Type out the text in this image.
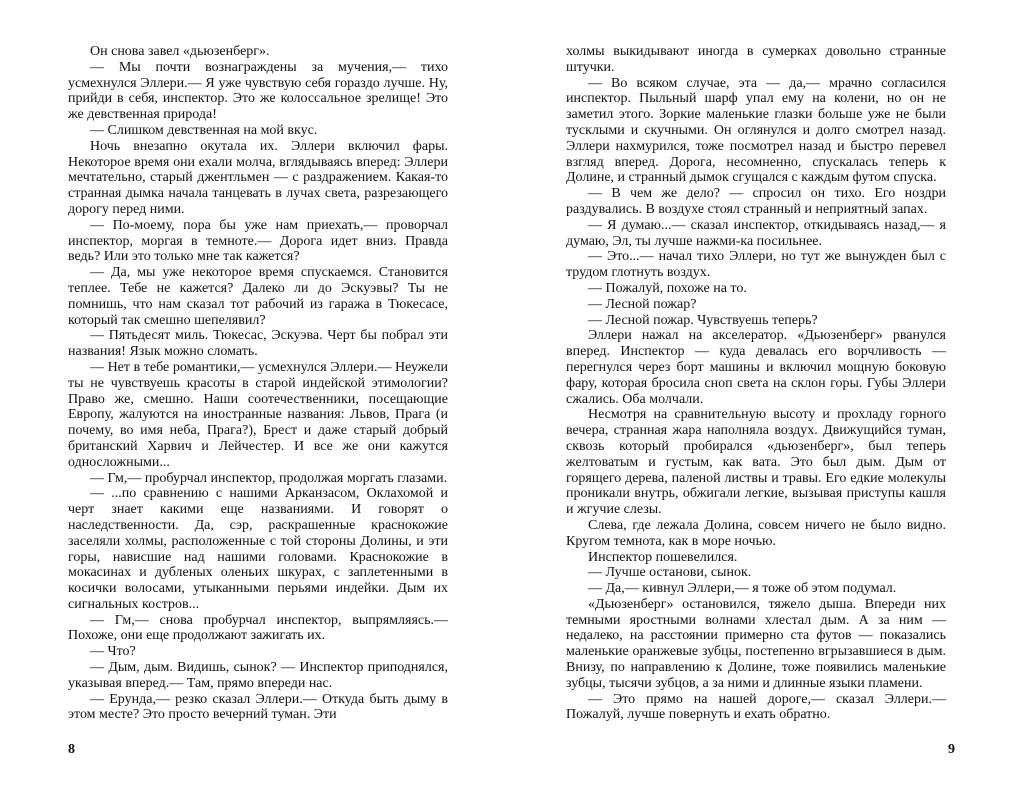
Он снова завел «дьюзенберг».

— Мы почти вознаграждены за мучения,— тихо усмехнулся Эллери.— Я уже чувствую себя гораздо лучше. Ну, прийди в себя, инспектор. Это же колоссальное зрелище! Это же девственная природа!

— Слишком девственная на мой вкус.

Ночь внезапно окутала их. Эллери включил фары. Некоторое время они ехали молча, вглядываясь вперед: Эллери мечтательно, старый джентльмен — с раздражением. Какая-то странная дымка начала танцевать в лучах света, разрезающего дорогу перед ними.

— По-моему, пора бы уже нам приехать,— проворчал инспектор, моргая в темноте.— Дорога идет вниз. Правда ведь? Или это только мне так кажется?

— Да, мы уже некоторое время спускаемся. Становится теплее. Тебе не кажется? Далеко ли до Эскуэвы? Ты не помнишь, что нам сказал тот рабочий из гаража в Тюкесасе, который так смешно шепелявил?

— Пятьдесят миль. Тюкесас, Эскуэва. Черт бы побрал эти названия! Язык можно сломать.

— Нет в тебе романтики,— усмехнулся Эллери.— Неужели ты не чувствуешь красоты в старой индейской этимологии? Право же, смешно. Наши соотечественники, посещающие Европу, жалуются на иностранные названия: Львов, Прага (и почему, во имя неба, Прага?), Брест и даже старый добрый британский Харвич и Лейчестер. И все же они кажутся односложными...

— Гм,— пробурчал инспектор, продолжая моргать глазами.

— ...по сравнению с нашими Арканзасом, Оклахомой и черт знает какими еще названиями. И говорят о наследственности. Да, сэр, раскрашенные краснокожие заселяли холмы, расположенные с той стороны Долины, и эти горы, нависшие над нашими головами. Краснокожие в мокасинах и дубленых оленьих шкурах, с заплетенными в косички волосами, утыканными перьями индейки. Дым их сигнальных костров...

— Гм,— снова пробурчал инспектор, выпрямляясь.— Похоже, они еще продолжают зажигать их.

— Что?

— Дым, дым. Видишь, сынок? — Инспектор приподнялся, указывая вперед.— Там, прямо впереди нас.

— Ерунда,— резко сказал Эллери.— Откуда быть дыму в этом месте? Это просто вечерний туман. Эти

холмы выкидывают иногда в сумерках довольно странные штучки.

— Во всяком случае, эта — да,— мрачно согласился инспектор. Пыльный шарф упал ему на колени, но он не заметил этого. Зоркие маленькие глазки больше уже не были тусклыми и скучными. Он оглянулся и долго смотрел назад. Эллери нахмурился, тоже посмотрел назад и быстро перевел взгляд вперед. Дорога, несомненно, спускалась теперь к Долине, и странный дымок сгущался с каждым футом спуска.

— В чем же дело? — спросил он тихо. Его ноздри раздувались. В воздухе стоял странный и неприятный запах.

— Я думаю...— сказал инспектор, откидываясь назад,— я думаю, Эл, ты лучше нажми-ка посильнее.

— Это...— начал тихо Эллери, но тут же вынужден был с трудом глотнуть воздух.

— Пожалуй, похоже на то.

— Лесной пожар?

— Лесной пожар. Чувствуешь теперь?

Эллери нажал на акселератор. «Дьюзенберг» рванулся вперед. Инспектор — куда девалась его ворчливость — перегнулся через борт машины и включил мощную боковую фару, которая бросила сноп света на склон горы. Губы Эллери сжались. Оба молчали.

Несмотря на сравнительную высоту и прохладу горного вечера, странная жара наполняла воздух. Движущийся туман, сквозь который пробирался «дьюзенберг», был теперь желтоватым и густым, как вата. Это был дым. Дым от горящего дерева, паленой листвы и травы. Его едкие молекулы проникали внутрь, обжигали легкие, вызывая приступы кашля и жгучие слезы.

Слева, где лежала Долина, совсем ничего не было видно. Кругом темнота, как в море ночью.

Инспектор пошевелился.

— Лучше останови, сынок.

— Да,— кивнул Эллери,— я тоже об этом подумал.

«Дьюзенберг» остановился, тяжело дыша. Впереди них темными яростными волнами хлестал дым. А за ним — недалеко, на расстоянии примерно ста футов — показались маленькие оранжевые зубцы, постепенно вгрызавшиеся в дым. Внизу, по направлению к Долине, тоже появились маленькие зубцы, тысячи зубцов, а за ними и длинные языки пламени.

— Это прямо на нашей дороге,— сказал Эллери.— Пожалуй, лучше повернуть и ехать обратно.

8	9
